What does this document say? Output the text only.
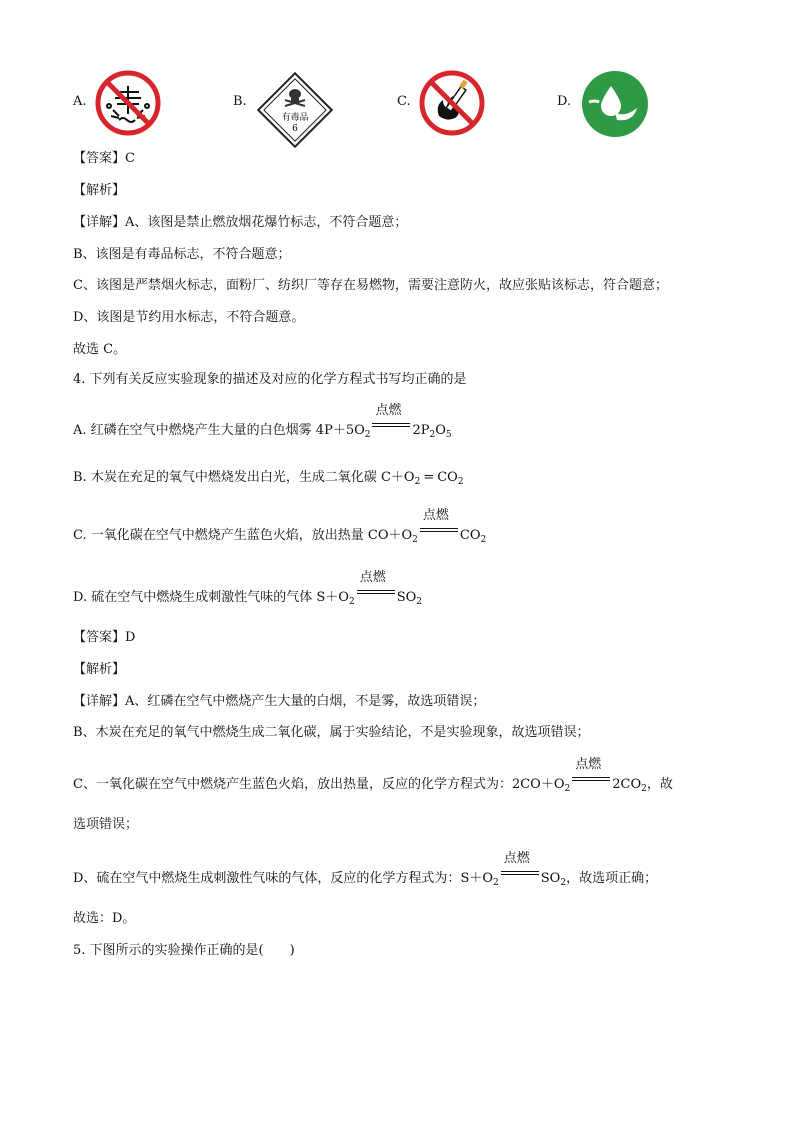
A.	B.
有毒品
6
C.	D.
【答案】C
【解析】
【详解】A、该图是禁止燃放烟花爆竹标志，不符合题意；
B、该图是有毒品标志，不符合题意；
C、该图是严禁烟火标志，面粉厂、纺织厂等存在易燃物，需要注意防火，故应张贴该标志，符合题意；
D、该图是节约用水标志，不符合题意。
故选 C。
4. 下列有关反应实验现象的描述及对应的化学方程式书写均正确的是
A. 红磷在空气中燃烧产生大量的白色烟雾 $4P+5O_2$
点燃
$2P_2O_5$
B. 木炭在充足的氧气中燃烧发出白光，生成二氧化碳 $C+O_2 = CO_2$
C. 一氧化碳在空气中燃烧产生蓝色火焰，放出热量 $CO+O_2$
点燃
$CO_2$
D. 硫在空气中燃烧生成刺激性气味的气体 $S+O_2$
点燃
$SO_2$
【答案】D
【解析】
【详解】A、红磷在空气中燃烧产生大量的白烟，不是雾，故选项错误；
B、木炭在充足的氧气中燃烧生成二氧化碳，属于实验结论，不是实验现象，故选项错误；
C、一氧化碳在空气中燃烧产生蓝色火焰，放出热量，反应的化学方程式为：$2CO+O_2$
点燃
$2CO_2$，故
选项错误；
D、硫在空气中燃烧生成刺激性气味的气体，反应的化学方程式为：$S+O_2$
点燃
$SO_2$，故选项正确；
故选：D。
5. 下图所示的实验操作正确的是(　　)
